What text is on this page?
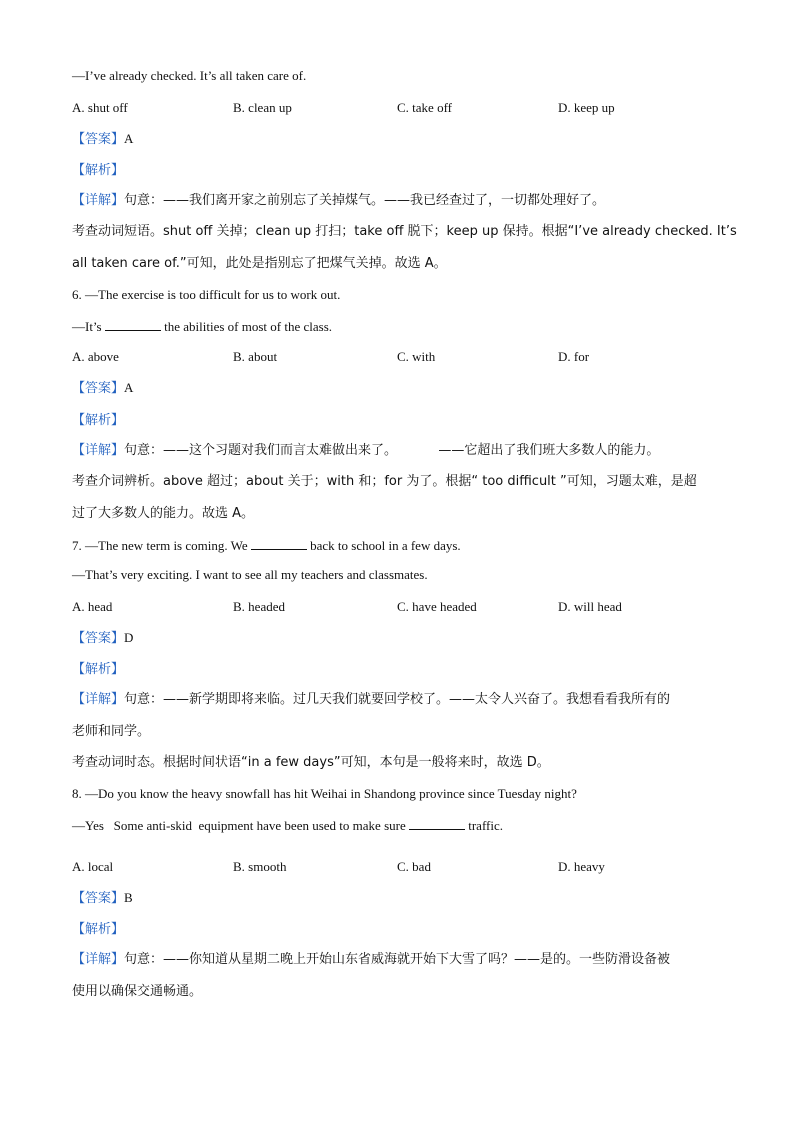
—I’ve already checked. It’s all taken care of.
A. shut off	B. clean up	C. take off	D. keep up
【答案】A
【解析】
【详解】句意：——我们离开家之前别忘了关掉煤气。——我已经查过了，一切都处理好了。
考查动词短语。shut off 关掉；clean up 打扫；take off 脱下；keep up 保持。根据“I’ve already checked. It’s
all taken care of.”可知，此处是指别忘了把煤气关掉。故选 A。
6. —The exercise is too difficult for us to work out.
—It’s	the abilities of most of the class.
A. above	B. about	C. with	D. for
【答案】A
【解析】
【详解】句意：——这个习题对我们而言太难做出来了。          ——它超出了我们班大多数人的能力。
考查介词辨析。above 超过；about 关于；with 和；for 为了。根据“ too difficult ”可知，习题太难，是超
过了大多数人的能力。故选 A。
7. —The new term is coming. We	back to school in a few days.
—That’s very exciting. I want to see all my teachers and classmates.
A. head	B. headed	C. have headed	D. will head
【答案】D
【解析】
【详解】句意：——新学期即将来临。过几天我们就要回学校了。——太令人兴奋了。我想看看我所有的
老师和同学。
考查动词时态。根据时间状语“in a few days”可知，本句是一般将来时，故选 D。
8. —Do you know the heavy snowfall has hit Weihai in Shandong province since Tuesday night?
—Yes   Some anti-skid  equipment have been used to make sure	traffic.
A. local	B. smooth	C. bad	D. heavy
【答案】B
【解析】
【详解】句意：——你知道从星期二晚上开始山东省威海就开始下大雪了吗？——是的。一些防滑设备被
使用以确保交通畅通。
